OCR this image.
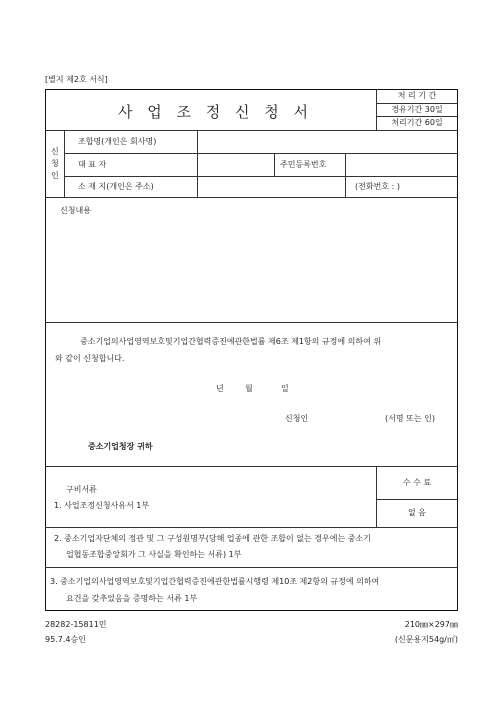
[별지 제2호 서식]
사 업 조 정 신 청 서
처 리 기 간
경유기간 30일
처리기간 60일
신
청
인
조합명(개인은 회사명)
대 표 자	주민등록번호
소 재 지(개인은 주소)	(전화번호 : )
신청내용
중소기업의사업영역보호및기업간협력증진에관한법률 제6조 제1항의 규정에 의하여 위
와 같이 신청합니다.
년	월	일
신청인	(서명 또는 인)
중소기업청장 귀하
구비서류
1. 사업조정신청사유서 1부
2. 중소기업자단체의 정관 및 그 구성원명부(당해 업종에 관한 조합이 없는 경우에는 중소기
업협동조합중앙회가 그 사실을 확인하는 서류) 1부
3. 중소기업의사업영역보호및기업간협력증진에관한법률시행령 제10조 제2항의 규정에 의하여
요건을 갖추었음을 증명하는 서류 1부
수 수 료
없 음
28282-15811민
95.7.4승인
210㎜×297㎜
(신문용지54g/㎡)
